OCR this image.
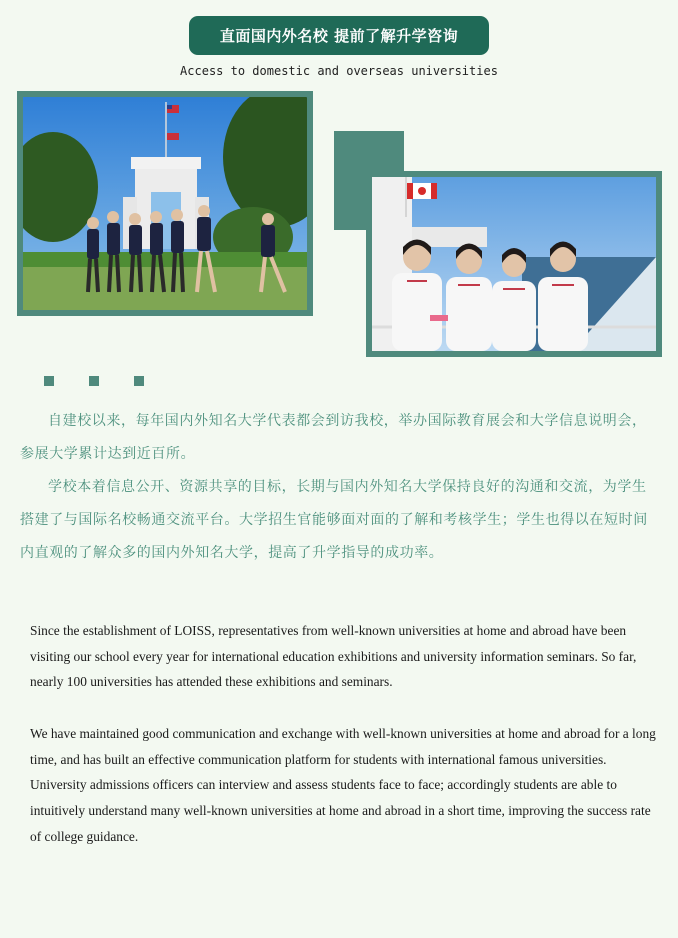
直面国内外名校 提前了解升学咨询
Access to domestic and overseas universities

自建校以来，每年国内外知名大学代表都会到访我校，举办国际教育展会和大学信息说明会，参展大学累计达到近百所。

学校本着信息公开、资源共享的目标，长期与国内外知名大学保持良好的沟通和交流，为学生搭建了与国际名校畅通交流平台。大学招生官能够面对面的了解和考核学生；学生也得以在短时间内直观的了解众多的国内外知名大学，提高了升学指导的成功率。

Since the establishment of LOISS, representatives from well-known universities at home and abroad have been visiting our school every year for international education exhibitions and university information seminars. So far, nearly 100 universities has attended these exhibitions and seminars.

We have maintained good communication and exchange with well-known universities at home and abroad for a long time, and has built an effective communication platform for students with international famous universities. University admissions officers can interview and assess students face to face; accordingly students are able to intuitively understand many well-known universities at home and abroad in a short time, improving the success rate of college guidance.
